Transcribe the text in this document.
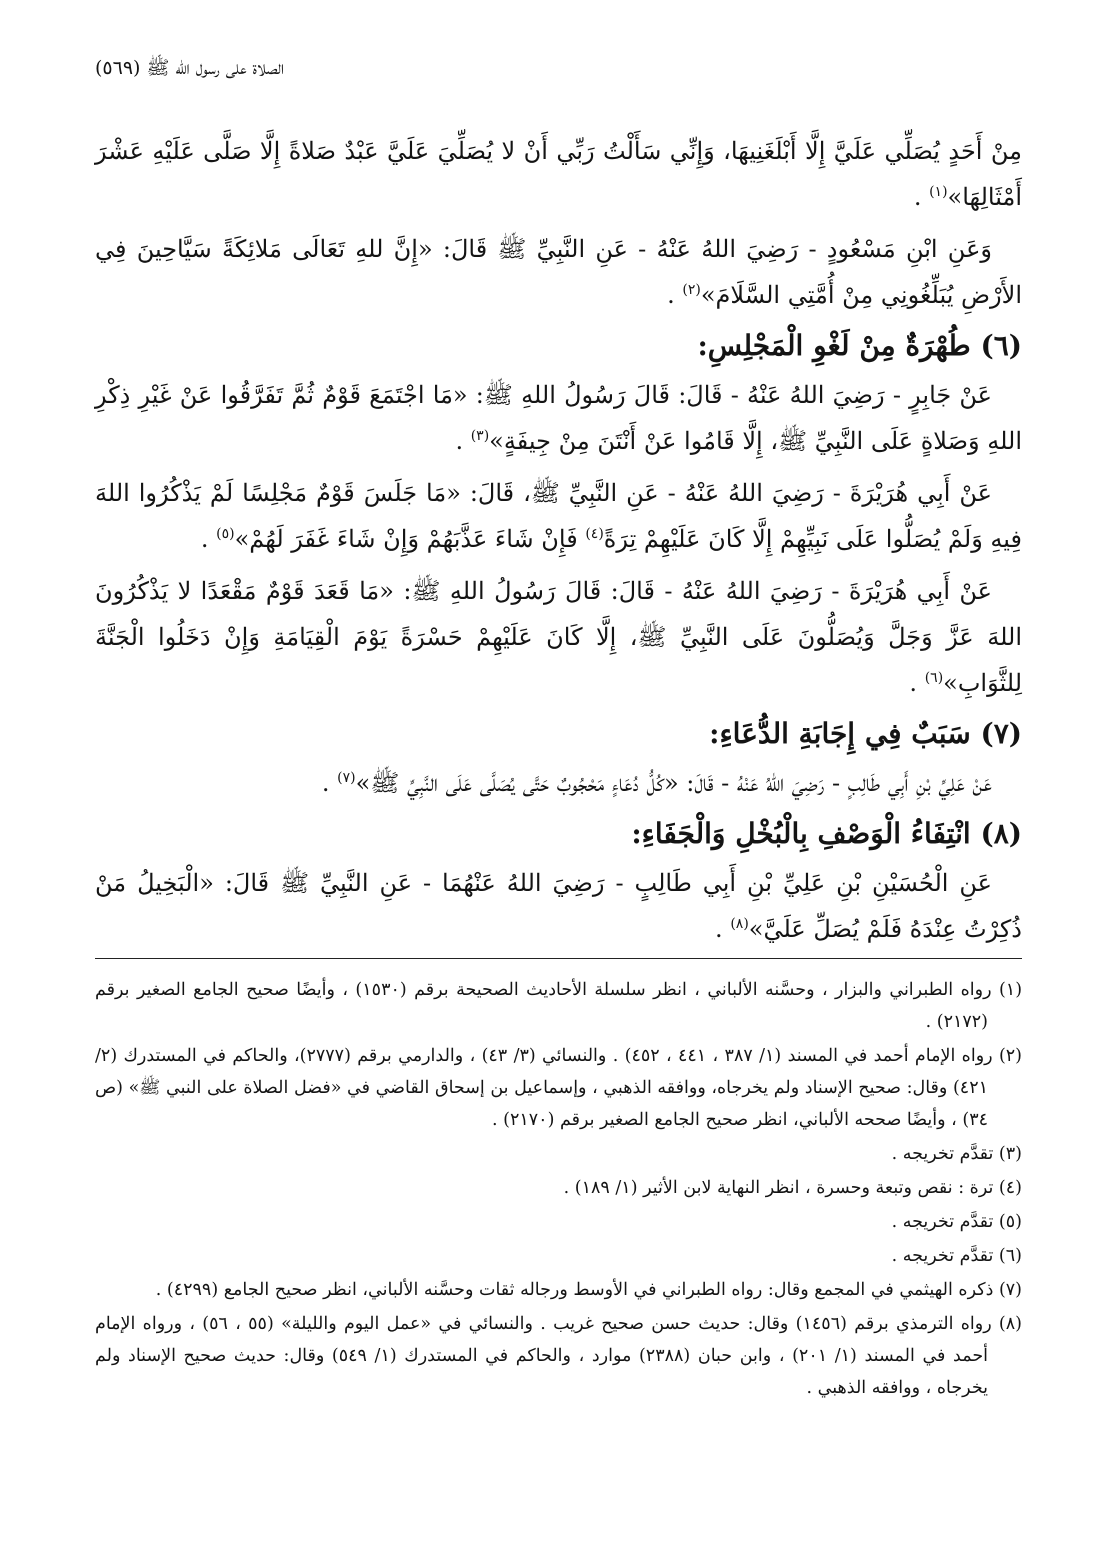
الصلاة على رسول الله ﷺ (٥٦٩)

مِنْ أَحَدٍ يُصَلِّي عَلَيَّ إِلَّا أَبْلَغَنِيهَا، وَإِنِّي سَأَلْتُ رَبِّي أَنْ لا يُصَلِّيَ عَلَيَّ عَبْدٌ صَلاةً إِلَّا صَلَّى عَلَيْهِ عَشْرَ أَمْثَالِهَا»$^{(١)}$ .

وَعَنِ ابْنِ مَسْعُودٍ - رَضِيَ اللهُ عَنْهُ - عَنِ النَّبِيِّ ﷺ قَالَ: «إِنَّ للهِ تَعَالَى مَلائِكَةً سَيَّاحِينَ فِي الأَرْضِ يُبَلِّغُونِي مِنْ أُمَّتِي السَّلَامَ»$^{(٢)}$ .

(٦) طُهْرَةٌ مِنْ لَغْوِ الْمَجْلِسِ:

عَنْ جَابِرٍ - رَضِيَ اللهُ عَنْهُ - قَالَ: قَالَ رَسُولُ اللهِ ﷺ: «مَا اجْتَمَعَ قَوْمٌ ثُمَّ تَفَرَّقُوا عَنْ غَيْرِ ذِكْرِ اللهِ وَصَلاةٍ عَلَى النَّبِيِّ ﷺ، إِلَّا قَامُوا عَنْ أَنْتَنَ مِنْ جِيفَةٍ»$^{(٣)}$ .

عَنْ أَبِي هُرَيْرَةَ - رَضِيَ اللهُ عَنْهُ - عَنِ النَّبِيِّ ﷺ، قَالَ: «مَا جَلَسَ قَوْمٌ مَجْلِسًا لَمْ يَذْكُرُوا اللهَ فِيهِ وَلَمْ يُصَلُّوا عَلَى نَبِيِّهِمْ إِلَّا كَانَ عَلَيْهِمْ تِرَةً$^{(٤)}$ فَإِنْ شَاءَ عَذَّبَهُمْ وَإِنْ شَاءَ غَفَرَ لَهُمْ»$^{(٥)}$ .

عَنْ أَبِي هُرَيْرَةَ - رَضِيَ اللهُ عَنْهُ - قَالَ: قَالَ رَسُولُ اللهِ ﷺ: «مَا قَعَدَ قَوْمٌ مَقْعَدًا لا يَذْكُرُونَ اللهَ عَزَّ وَجَلَّ وَيُصَلُّونَ عَلَى النَّبِيِّ ﷺ، إِلَّا كَانَ عَلَيْهِمْ حَسْرَةً يَوْمَ الْقِيَامَةِ وَإِنْ دَخَلُوا الْجَنَّةَ لِلثَّوَابِ»$^{(٦)}$ .

(٧) سَبَبٌ فِي إِجَابَةِ الدُّعَاءِ:

عَنْ عَلِيِّ بْنِ أَبِي طَالِبٍ - رَضِيَ اللهُ عَنْهُ - قَالَ: «كُلُّ دُعَاءٍ مَحْجُوبٌ حَتَّى يُصَلَّى عَلَى النَّبِيِّ ﷺ»$^{(٧)}$ .

(٨) انْتِفَاءُ الْوَصْفِ بِالْبُخْلِ وَالْجَفَاءِ:

عَنِ الْحُسَيْنِ بْنِ عَلِيِّ بْنِ أَبِي طَالِبٍ - رَضِيَ اللهُ عَنْهُمَا - عَنِ النَّبِيِّ ﷺ قَالَ: «الْبَخِيلُ مَنْ ذُكِرْتُ عِنْدَهُ فَلَمْ يُصَلِّ عَلَيَّ»$^{(٨)}$ .

(١) رواه الطبراني والبزار ، وحسَّنه الألباني ، انظر سلسلة الأحاديث الصحيحة برقم (١٥٣٠) ، وأيضًا صحيح الجامع الصغير برقم (٢١٧٢) .

(٢) رواه الإمام أحمد في المسند (١/ ٣٨٧ ، ٤٤١ ، ٤٥٢) . والنسائي (٣/ ٤٣) ، والدارمي برقم (٢٧٧٧)، والحاكم في المستدرك (٢/ ٤٢١) وقال: صحيح الإسناد ولم يخرجاه، ووافقه الذهبي ، وإسماعيل بن إسحاق القاضي في «فضل الصلاة على النبي ﷺ» (ص ٣٤) ، وأيضًا صححه الألباني، انظر صحيح الجامع الصغير برقم (٢١٧٠) .

(٣) تقدَّم تخريجه .

(٤) ترة : نقص وتبعة وحسرة ، انظر النهاية لابن الأثير (١/ ١٨٩) .

(٥) تقدَّم تخريجه .

(٦) تقدَّم تخريجه .

(٧) ذكره الهيثمي في المجمع وقال: رواه الطبراني في الأوسط ورجاله ثقات وحسَّنه الألباني، انظر صحيح الجامع (٤٢٩٩) .

(٨) رواه الترمذي برقم (١٤٥٦) وقال: حديث حسن صحيح غريب . والنسائي في «عمل اليوم والليلة» (٥٥ ، ٥٦) ، ورواه الإمام أحمد في المسند (١/ ٢٠١) ، وابن حبان (٢٣٨٨) موارد ، والحاكم في المستدرك (١/ ٥٤٩) وقال: حديث صحيح الإسناد ولم يخرجاه ، ووافقه الذهبي .
